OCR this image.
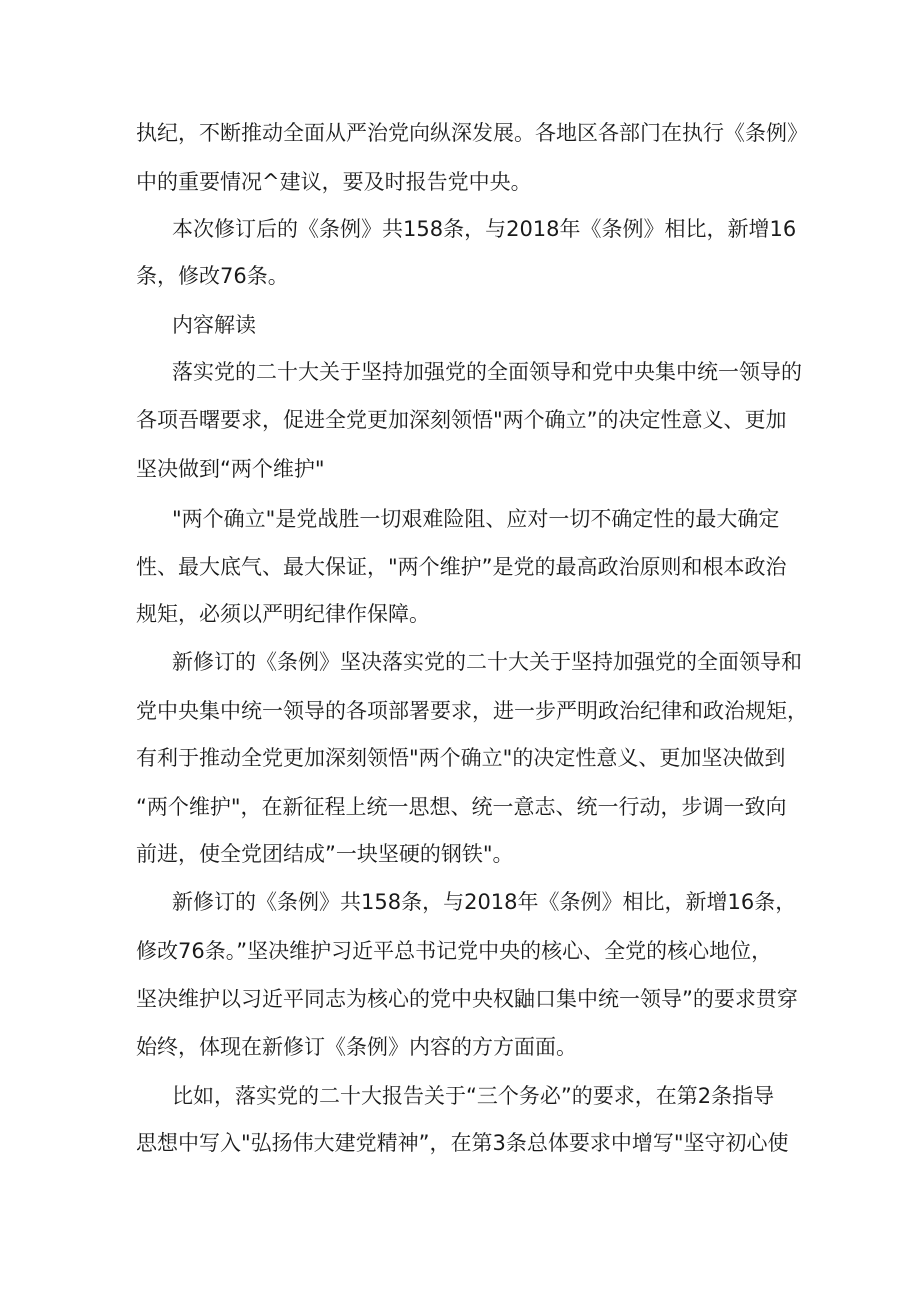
执纪，不断推动全面从严治党向纵深发展。各地区各部门在执行《条例》
中的重要情况^建议，要及时报告党中央。
本次修订后的《条例》共158条，与2018年《条例》相比，新增16
条，修改76条。
内容解读
落实党的二十大关于坚持加强党的全面领导和党中央集中统一领导的
各项吾曙要求，促进全党更加深刻领悟"两个确立”的决定性意义、更加
坚决做到“两个维护"
"两个确立"是党战胜一切艰难险阻、应对一切不确定性的最大确定
性、最大底气、最大保证，"两个维护”是党的最高政治原则和根本政治
规矩，必须以严明纪律作保障。
新修订的《条例》坚决落实党的二十大关于坚持加强党的全面领导和
党中央集中统一领导的各项部署要求，进一步严明政治纪律和政治规矩，
有利于推动全党更加深刻领悟"两个确立"的决定性意义、更加坚决做到
“两个维护"，在新征程上统一思想、统一意志、统一行动，步调一致向
前进，使全党团结成”一块坚硬的钢铁"。
新修订的《条例》共158条，与2018年《条例》相比，新增16条，
修改76条。”坚决维护习近平总书记党中央的核心、全党的核心地位，
坚决维护以习近平同志为核心的党中央权鼬口集中统一领导”的要求贯穿
始终，体现在新修订《条例》内容的方方面面。
比如，落实党的二十大报告关于“三个务必”的要求，在第2条指导
思想中写入"弘扬伟大建党精神”，在第3条总体要求中增写"坚守初心使
